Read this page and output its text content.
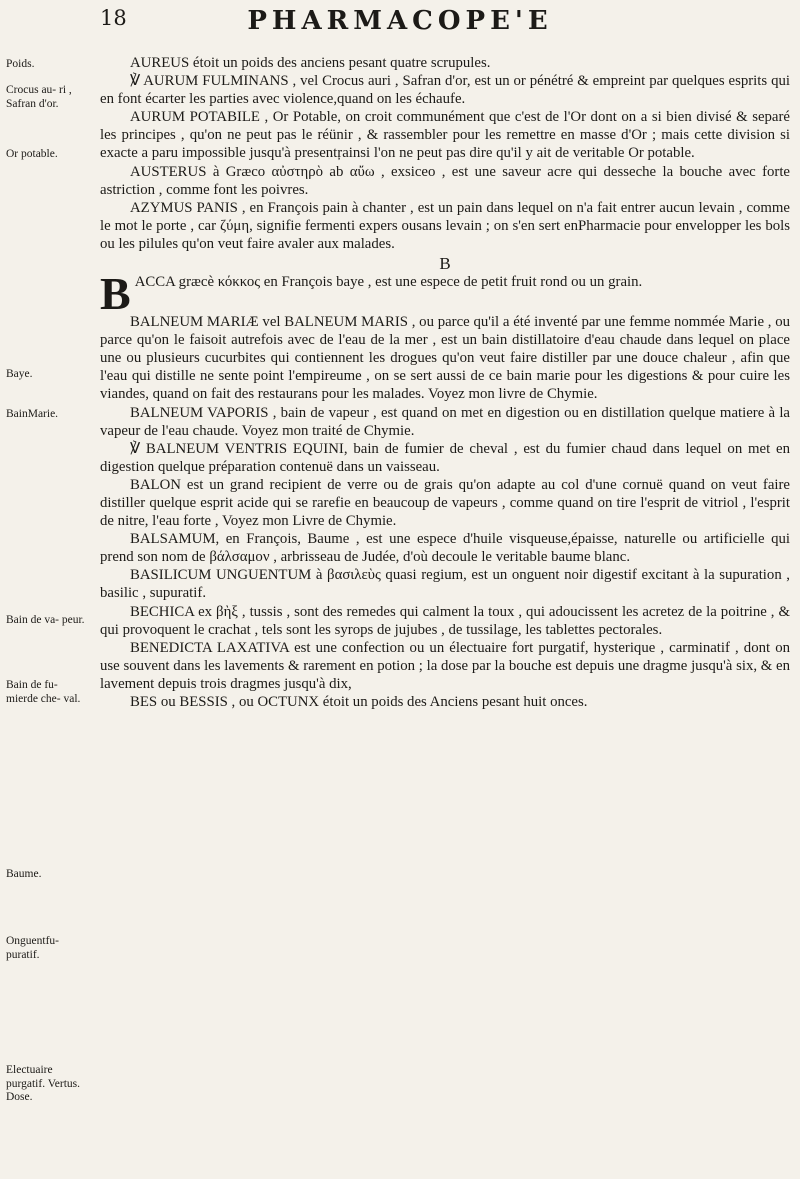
18	PHARMACOPE'E
Poids.
Crocus au- ri , Safran d'or.
Or potable.
Baye.
BainMarie.
Bain de va- peur.
Bain de fu- mierde che- val.
Baume.
Onguentfu- puratif.
Electuaire purgatif. Vertus. Dose.

AUREUS étoit un poids des anciens pesant quatre scrupules.

℣ AURUM FULMINANS , vel Crocus auri , Safran d'or, est un or pénétré & empreint par quelques esprits qui en font écarter les parties avec violence,quand on les échaufe.

AURUM POTABILE , Or Potable, on croit communément que c'est de l'Or dont on a si bien divisé & separé les principes , qu'on ne peut pas le réünir , & rassembler pour les remettre en masse d'Or ; mais cette division si exacte a paru impossible jusqu'à presentŗainsi l'on ne peut pas dire qu'il y ait de veritable Or potable.

AUSTERUS à Græco αὐστηρὸ ab αὔω , exsiceo , est une saveur acre qui desseche la bouche avec forte astriction , comme font les poivres.

AZYMUS PANIS , en François pain à chanter , est un pain dans lequel on n'a fait entrer aucun levain , comme le mot le porte , car ζύμη, signifie fermenti expers ousans levain ; on s'en sert enPharmacie pour envelopper les bols ou les pilules qu'on veut faire avaler aux malades.

B

B ACCA græcè κόκκος en François baye , est une espece de petit fruit rond ou un grain.

BALNEUM MARIÆ vel BALNEUM MARIS , ou parce qu'il a été inventé par une femme nommée Marie , ou parce qu'on le faisoit autrefois avec de l'eau de la mer , est un bain distillatoire d'eau chaude dans lequel on place une ou plusieurs cucurbites qui contiennent les drogues qu'on veut faire distiller par une douce chaleur , afin que l'eau qui distille ne sente point l'empireume , on se sert aussi de ce bain marie pour les digestions & pour cuire les viandes, quand on fait des restaurans pour les malades. Voyez mon livre de Chymie.

BALNEUM VAPORIS , bain de vapeur , est quand on met en digestion ou en distillation quelque matiere à la vapeur de l'eau chaude. Voyez mon traité de Chymie.

℣ BALNEUM VENTRIS EQUINI, bain de fumier de cheval , est du fumier chaud dans lequel on met en digestion quelque préparation contenuë dans un vaisseau.

BALON est un grand recipient de verre ou de grais qu'on adapte au col d'une cornuë quand on veut faire distiller quelque esprit acide qui se rarefie en beaucoup de vapeurs , comme quand on tire l'esprit de vitriol , l'esprit de nitre, l'eau forte , Voyez mon Livre de Chymie.

BALSAMUM, en François, Baume , est une espece d'huile visqueuse,épaisse, naturelle ou artificielle qui prend son nom de βάλσαμον , arbrisseau de Judée, d'où decoule le veritable baume blanc.

BASILICUM UNGUENTUM à βασιλεὺς quasi regium, est un onguent noir digestif excitant à la supuration , basilic , supuratif.

BECHICA ex βὴξ , tussis , sont des remedes qui calment la toux , qui adoucissent les acretez de la poitrine , & qui provoquent le crachat , tels sont les syrops de jujubes , de tussilage, les tablettes pectorales.

BENEDICTA LAXATIVA est une confection ou un électuaire fort purgatif, hysterique , carminatif , dont on use souvent dans les lavements & rarement en potion ; la dose par la bouche est depuis une dragme jusqu'à six, & en lavement depuis trois dragmes jusqu'à dix,

BES ou BESSIS , ou OCTUNX étoit un poids des Anciens pesant huit onces.
